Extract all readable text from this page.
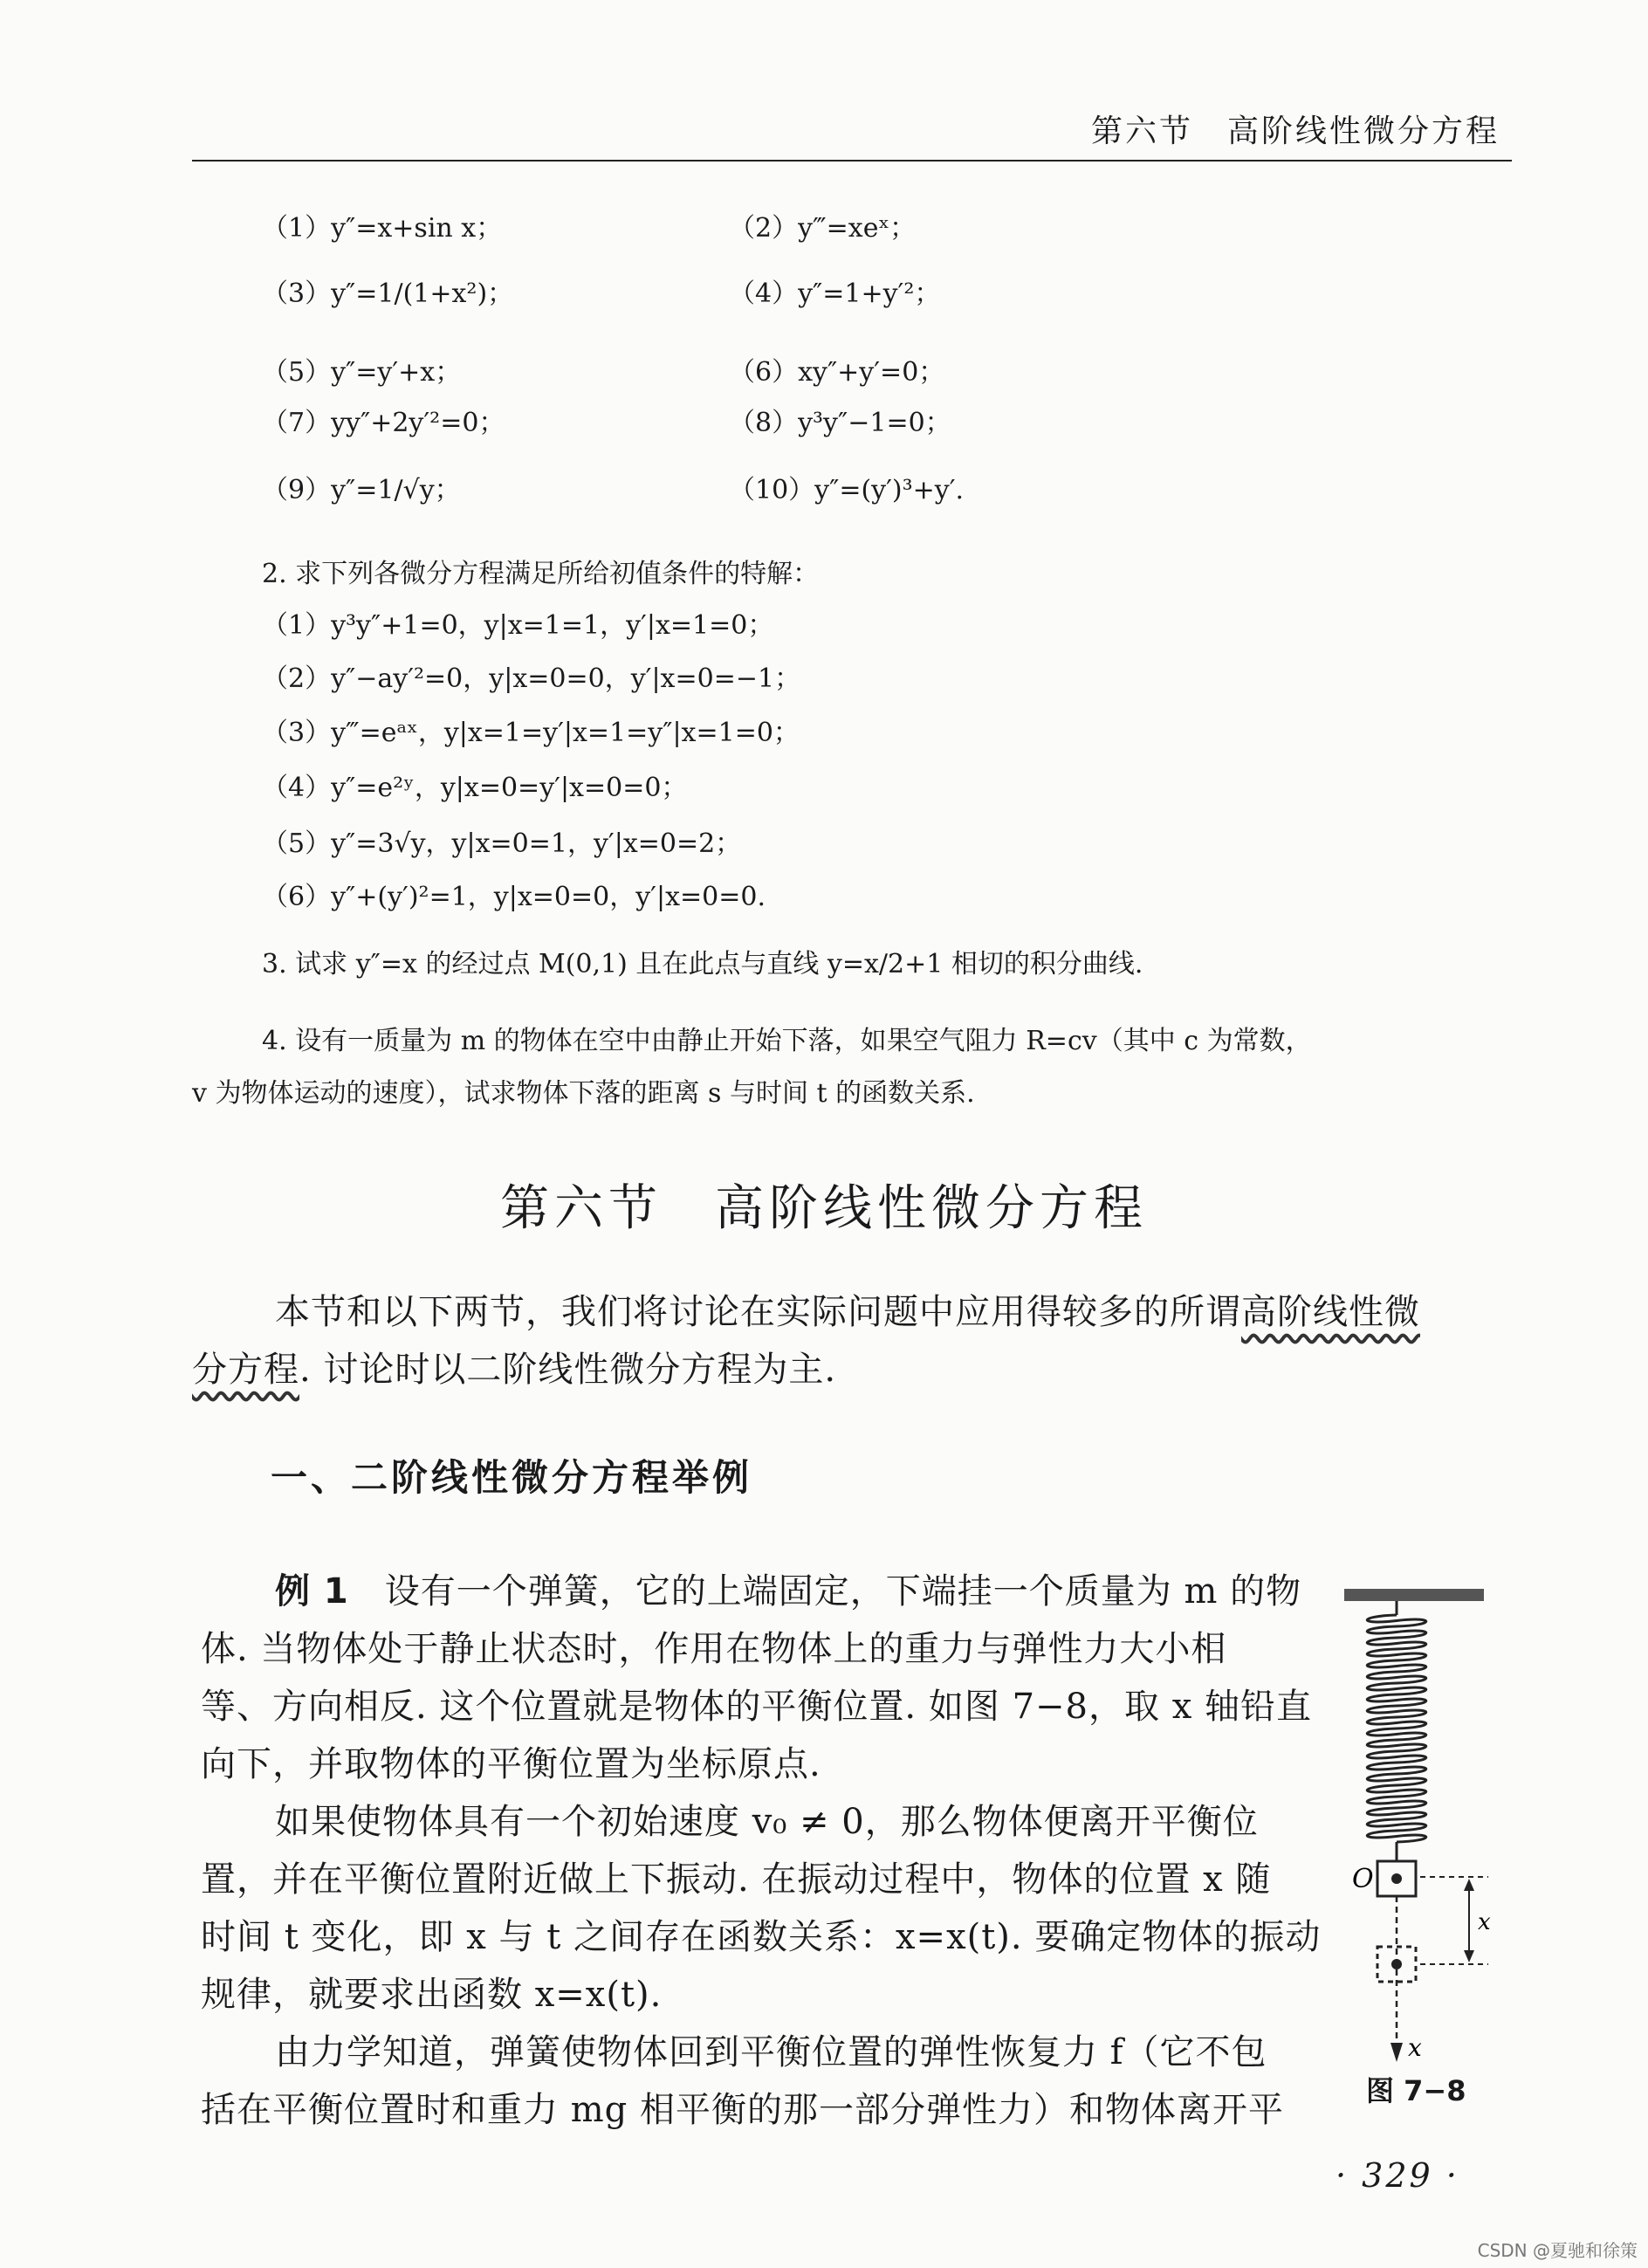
第六节　高阶线性微分方程
（1）y″=x+sin x；	（2）y‴=xeˣ；
（3）y″=1/(1+x²)；	（4）y″=1+y′²；
（5）y″=y′+x；	（6）xy″+y′=0；
（7）yy″+2y′²=0；	（8）y³y″−1=0；
（9）y″=1/√y；	（10）y″=(y′)³+y′.
2. 求下列各微分方程满足所给初值条件的特解：
（1）y³y″+1=0，y|x=1=1，y′|x=1=0；
（2）y″−ay′²=0，y|x=0=0，y′|x=0=−1；
（3）y‴=eᵃˣ，y|x=1=y′|x=1=y″|x=1=0；
（4）y″=e²ʸ，y|x=0=y′|x=0=0；
（5）y″=3√y，y|x=0=1，y′|x=0=2；
（6）y″+(y′)²=1，y|x=0=0，y′|x=0=0.
3. 试求 y″=x 的经过点 M(0,1) 且在此点与直线 y=x/2+1 相切的积分曲线.
4. 设有一质量为 m 的物体在空中由静止开始下落，如果空气阻力 R=cv（其中 c 为常数，
v 为物体运动的速度），试求物体下落的距离 s 与时间 t 的函数关系.
第六节 高阶线性微分方程
本节和以下两节，我们将讨论在实际问题中应用得较多的所谓高阶线性微
分方程. 讨论时以二阶线性微分方程为主.
一、二阶线性微分方程举例
例 1　 设有一个弹簧，它的上端固定，下端挂一个质量为 m 的物
体. 当物体处于静止状态时，作用在物体上的重力与弹性力大小相
等、方向相反. 这个位置就是物体的平衡位置. 如图 7−8，取 x 轴铅直
向下，并取物体的平衡位置为坐标原点.
如果使物体具有一个初始速度 v₀ ≠ 0，那么物体便离开平衡位
置，并在平衡位置附近做上下振动. 在振动过程中，物体的位置 x 随
时间 t 变化，即 x 与 t 之间存在函数关系：x=x(t). 要确定物体的振动
规律，就要求出函数 x=x(t).
由力学知道，弹簧使物体回到平衡位置的弹性恢复力 f（它不包
括在平衡位置时和重力 mg 相平衡的那一部分弹性力）和物体离开平
O
x
x
图 7−8
· 329 ·
CSDN @夏驰和徐策
